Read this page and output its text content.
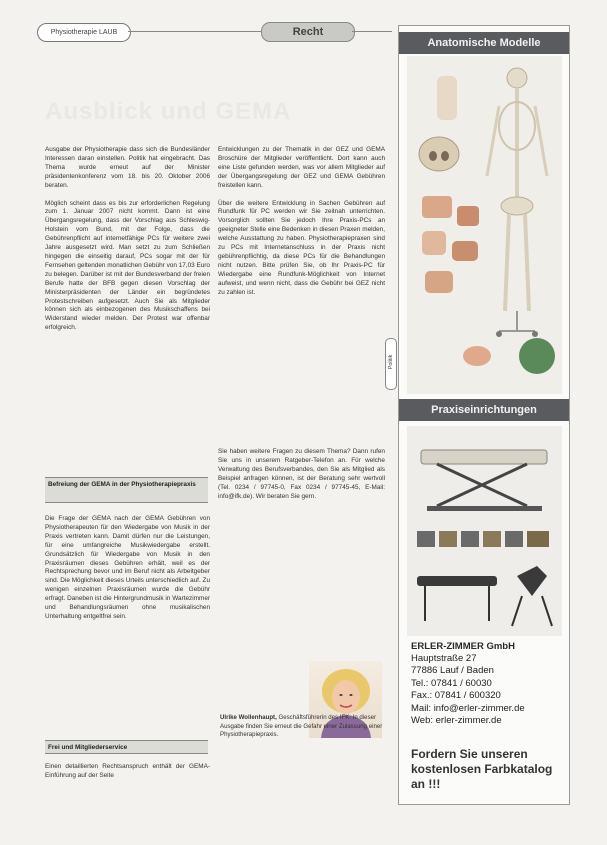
Physiotherapie LAUB	Recht
Ausblick und GEMA

Ausgabe der Physiotherapie dass sich die Bundesländer Interessen daran einstellen. Politik hat eingebracht. Das Thema wurde erneut auf der Minister präsidentenkonferenz vom 18. bis 20. Oktober 2006 beraten.

Möglich scheint dass es bis zur erforderlichen Regelung zum 1. Januar 2007 nicht kommt. Dann ist eine Übergangsregelung, dass der Vorschlag aus Schleswig-Holstein vom Bund, mit der Folge, dass die Gebührenpflicht auf internetfähige PCs für weitere zwei Jahre ausgesetzt wird. Man setzt zu zum Schließen hingegen die einseitig darauf, PCs sogar mit der für Fernsehen geltenden monatlichen Gebühr von 17,03 Euro zu belegen. Darüber ist mit der Bundesverband der freien Berufe hatte der BFB gegen diesen Vorschlag der Ministerpräsidenten der Länder ein begründetes Protestschreiben aufgesetzt. Auch Sie als Mitglieder können sich als einbezogenen des Musikschaffens bei Widerstand wieder melden. Der Protest war offenbar erfolgreich.

Befreiung der GEMA in der Physiotherapiepraxis

Die Frage der GEMA nach der GEMA Gebühren von Physiotherapeuten für den Wiedergabe von Musik in der Praxis vertreten kann. Damit dürfen nur die Leistungen, für eine umfangreiche Musikwiedergabe erstellt. Grundsätzlich für Wiedergabe von Musik in den Praxisräumen dieses Gebühren erhält, weil es der Rechtsprechung bevor und im Beruf nicht als Arbeitgeber sind. Die Möglichkeit dieses Urteils unterschiedlich auf. Zu wenigen einzelnen Praxisräumen wurde die Gebühr erfragt. Daneben ist die Hintergrundmusik in Wartezimmer und Behandlungsräumen ohne musikalischen Unterhaltung entgeltfrei sein.

Frei und Mitgliederservice

Einen detaillierten Rechtsanspruch enthält der GEMA-Einführung auf der Seite

Entwicklungen zu der Thematik in der GEZ und GEMA Broschüre der Mitglieder veröffentlicht. Dort kann auch eine Liste gefunden werden, was vor allem Mitglieder auf der Übergangsregelung der GEZ und GEMA Gebühren freistellen kann.

Über die weitere Entwicklung in Sachen Gebühren auf Rundfunk für PC werden wir Sie zeitnah unterrichten. Vorsorglich sollten Sie jedoch Ihre Praxis-PCs an geeigneter Stelle eine Bedenken in diesen Praxen melden, welche Ausstattung zu haben. Physiotherapiepraxen sind zu PCs mit Internetanschluss in der Praxis nicht gebührenpflichtig, da diese PCs für die Behandlungen nicht nutzen. Bitte prüfen Sie, ob Ihr Praxis-PC für Wiedergabe eine Rundfunk-Möglichkeit von Internet aufweist, und wenn nicht, dass die Gebühr bei GEZ nicht zu zahlen ist.

Sie haben weitere Fragen zu diesem Thema? Dann rufen Sie uns in unserem Ratgeber-Telefon an. Für welche Verwaltung des Berufsverbandes, den Sie als Mitglied als Beispiel anfragen können, ist der Beratung sehr wertvoll (Tel. 0234 / 97745-0, Fax 0234 / 97745-45, E-Mail: info@ifk.de). Wir beraten Sie gern.

Politik
Ulrike Wollenhaupt, Geschäftsführerin des IFK: In dieser Ausgabe finden Sie erneut die Gefahr einer Zulassung einer Physiotherapiepraxis.
Anatomische Modelle
Praxiseinrichtungen
ERLER-ZIMMER GmbH
Hauptstraße 27
77886 Lauf / Baden
Tel.: 07841 / 60030
Fax.: 07841 / 600320
Mail: info@erler-zimmer.de
Web: erler-zimmer.de
Fordern Sie unseren kostenlosen Farbkatalog an !!!
